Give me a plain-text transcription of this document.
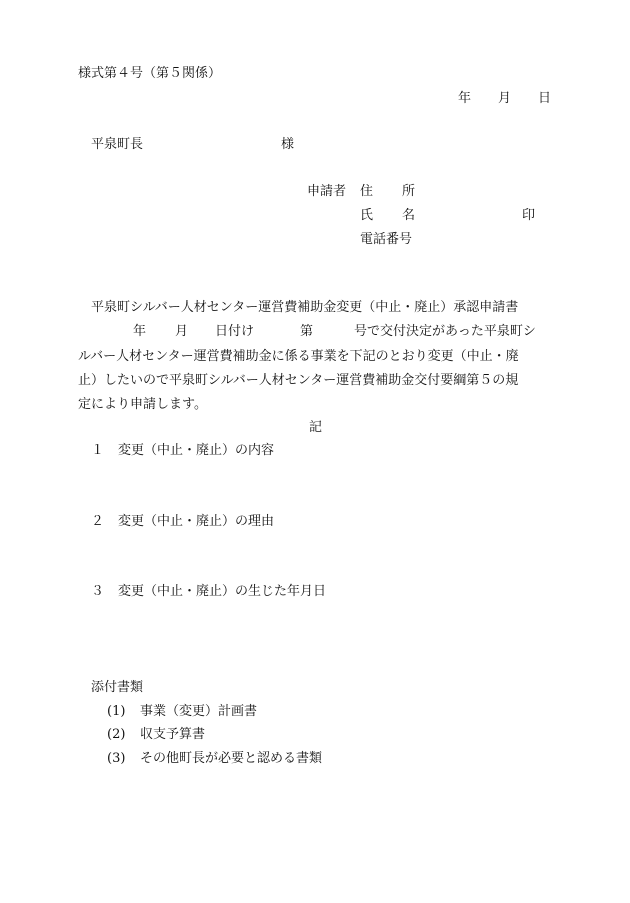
様式第４号（第５関係）
年 月 日
平泉町長	様
申請者 住 所
氏 名	印
電話番号
平泉町シルバー人材センター運営費補助金変更（中止・廃止）承認申請書
年 月 日付け	第	号で交付決定があった平泉町シ
ルバー人材センター運営費補助金に係る事業を下記のとおり変更（中止・廃
止）したいので平泉町シルバー人材センター運営費補助金交付要綱第５の規
定により申請します。
記
１ 変更（中止・廃止）の内容
２ 変更（中止・廃止）の理由
３ 変更（中止・廃止）の生じた年月日
添付書類
(1) 事業（変更）計画書
(2) 収支予算書
(3) その他町長が必要と認める書類
